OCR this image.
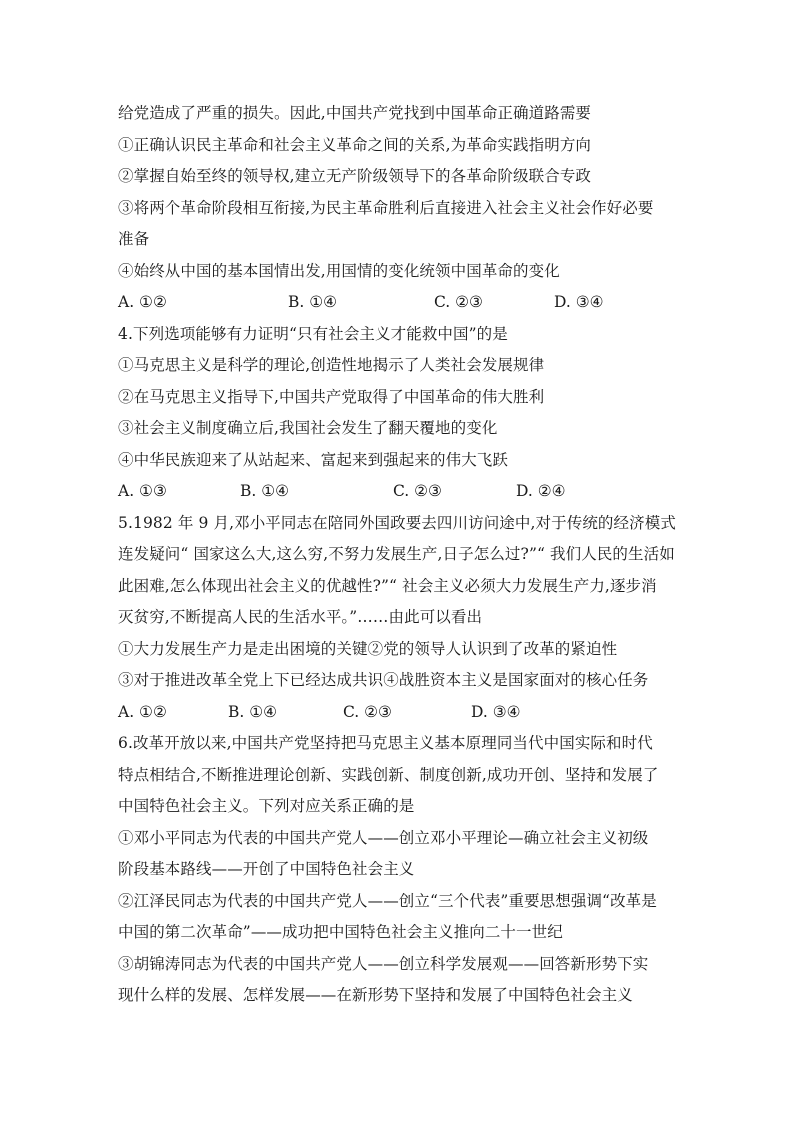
给党造成了严重的损失。因此,中国共产党找到中国革命正确道路需要
①正确认识民主革命和社会主义革命之间的关系,为革命实践指明方向
②掌握自始至终的领导权,建立无产阶级领导下的各革命阶级联合专政
③将两个革命阶段相互衔接,为民主革命胜利后直接进入社会主义社会作好必要
准备
④始终从中国的基本国情出发,用国情的变化统领中国革命的变化
A. ①②	B. ①④	C. ②③	D. ③④
4.下列选项能够有力证明“只有社会主义才能救中国”的是
①马克思主义是科学的理论,创造性地揭示了人类社会发展规律
②在马克思主义指导下,中国共产党取得了中国革命的伟大胜利
③社会主义制度确立后,我国社会发生了翻天覆地的变化
④中华民族迎来了从站起来、富起来到强起来的伟大飞跃
A. ①③	B. ①④	C. ②③	D. ②④
5.1982 年 9 月,邓小平同志在陪同外国政要去四川访问途中,对于传统的经济模式
连发疑问“ 国家这么大,这么穷,不努力发展生产,日子怎么过?”“ 我们人民的生活如
此困难,怎么体现出社会主义的优越性?”“ 社会主义必须大力发展生产力,逐步消
灭贫穷,不断提高人民的生活水平。”……由此可以看出
①大力发展生产力是走出困境的关键②党的领导人认识到了改革的紧迫性
③对于推进改革全党上下已经达成共识④战胜资本主义是国家面对的核心任务
A. ①②	B. ①④	C. ②③	D. ③④
6.改革开放以来,中国共产党坚持把马克思主义基本原理同当代中国实际和时代
特点相结合,不断推进理论创新、实践创新、制度创新,成功开创、坚持和发展了
中国特色社会主义。下列对应关系正确的是
①邓小平同志为代表的中国共产党人——创立邓小平理论—确立社会主义初级
阶段基本路线——开创了中国特色社会主义
②江泽民同志为代表的中国共产党人——创立“三个代表”重要思想强调“改革是
中国的第二次革命”——成功把中国特色社会主义推向二十一世纪
③胡锦涛同志为代表的中国共产党人——创立科学发展观——回答新形势下实
现什么样的发展、怎样发展——在新形势下坚持和发展了中国特色社会主义
